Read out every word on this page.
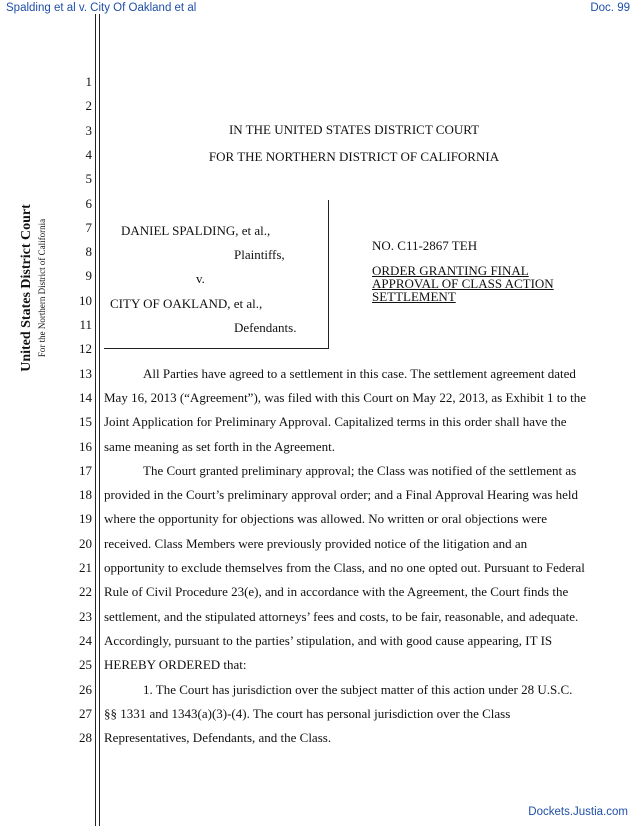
Spalding et al v. City Of Oakland et al	Doc. 99
United States District Court For the Northern District of California
1
2
3
4
5
6
7
8
9
10
11
12
13
14
15
16
17
18
19
20
21
22
23
24
25
26
27
28
IN THE UNITED STATES DISTRICT COURT
FOR THE NORTHERN DISTRICT OF CALIFORNIA
DANIEL SPALDING, et al.,
Plaintiffs,
v.
CITY OF OAKLAND, et al.,
Defendants.
NO. C11-2867 TEH
ORDER GRANTING FINAL
APPROVAL OF CLASS ACTION
SETTLEMENT
All Parties have agreed to a settlement in this case. The settlement agreement dated
May 16, 2013 (“Agreement”), was filed with this Court on May 22, 2013, as Exhibit 1 to the
Joint Application for Preliminary Approval. Capitalized terms in this order shall have the
same meaning as set forth in the Agreement.
The Court granted preliminary approval; the Class was notified of the settlement as
provided in the Court’s preliminary approval order; and a Final Approval Hearing was held
where the opportunity for objections was allowed. No written or oral objections were
received. Class Members were previously provided notice of the litigation and an
opportunity to exclude themselves from the Class, and no one opted out. Pursuant to Federal
Rule of Civil Procedure 23(e), and in accordance with the Agreement, the Court finds the
settlement, and the stipulated attorneys’ fees and costs, to be fair, reasonable, and adequate.
Accordingly, pursuant to the parties’ stipulation, and with good cause appearing, IT IS
HEREBY ORDERED that:
1. The Court has jurisdiction over the subject matter of this action under 28 U.S.C.
§§ 1331 and 1343(a)(3)-(4). The court has personal jurisdiction over the Class
Representatives, Defendants, and the Class.
Dockets.Justia.com
